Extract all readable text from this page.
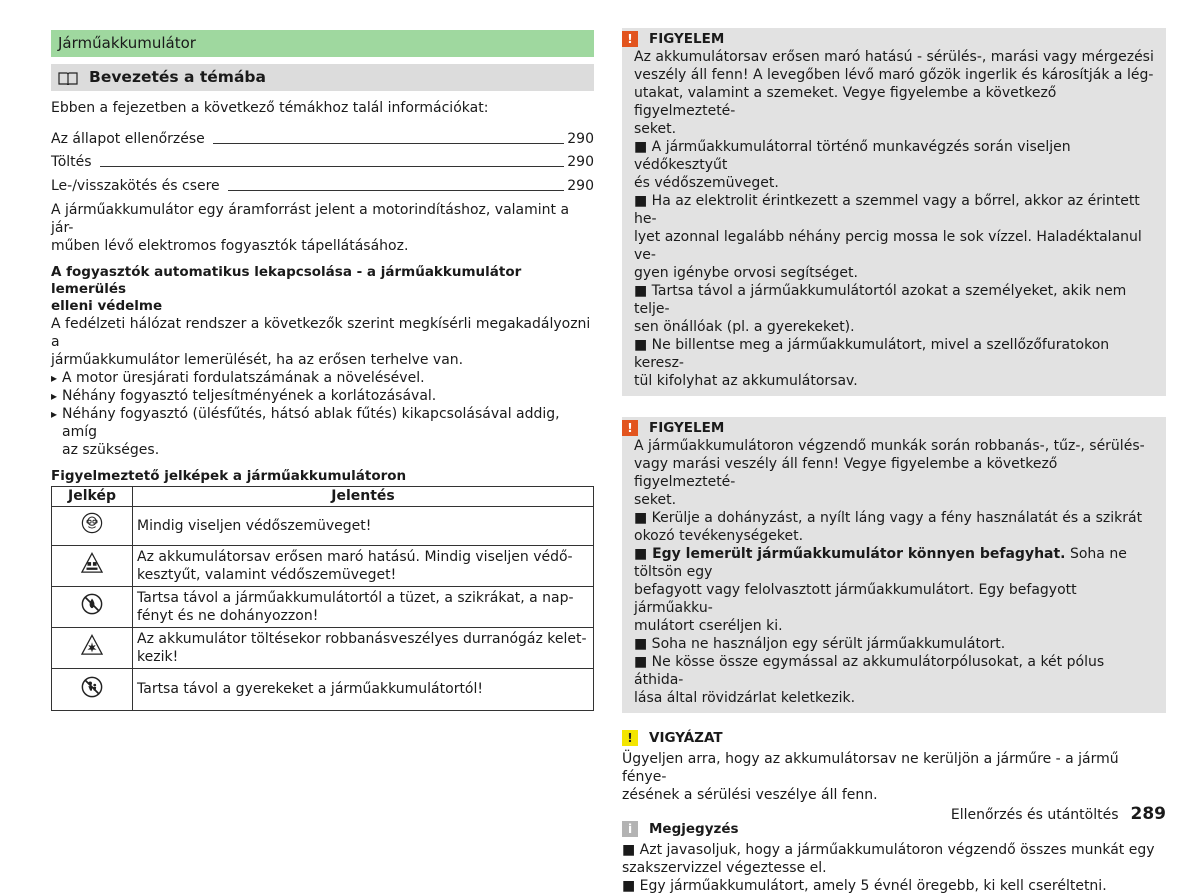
Járműakkumulátor
Bevezetés a témába

Ebben a fejezetben a következő témákhoz talál információkat:

Az állapot ellenőrzése	290
Töltés	290
Le-/visszakötés és csere	290
A járműakkumulátor egy áramforrást jelent a motorindításhoz, valamint a jár-
műben lévő elektromos fogyasztók tápellátásához.
A fogyasztók automatikus lekapcsolása - a járműakkumulátor lemerülés
elleni védelme
A fedélzeti hálózat rendszer a következők szerint megkísérli megakadályozni a
járműakkumulátor lemerülését, ha az erősen terhelve van.
▸ A motor üresjárati fordulatszámának a növelésével.
▸ Néhány fogyasztó teljesítményének a korlátozásával.
▸ Néhány fogyasztó (ülésfűtés, hátsó ablak fűtés) kikapcsolásával addig, amíg
az szükséges.
Figyelmeztető jelképek a járműakkumulátoron
Jelkép	Jelentés
	Mindig viseljen védőszemüveget!
	Az akkumulátorsav erősen maró hatású. Mindig viseljen védő-
kesztyűt, valamint védőszemüveget!
	Tartsa távol a járműakkumulátortól a tüzet, a szikrákat, a nap-
fényt és ne dohányozzon!
	Az akkumulátor töltésekor robbanásveszélyes durranógáz kelet-
kezik!
	Tartsa távol a gyerekeket a járműakkumulátortól!
!	FIGYELEM
Az akkumulátorsav erősen maró hatású - sérülés-, marási vagy mérgezési
veszély áll fenn! A levegőben lévő maró gőzök ingerlik és károsítják a lég-
utakat, valamint a szemeket. Vegye figyelembe a következő figyelmezteté-
seket.
■ A járműakkumulátorral történő munkavégzés során viseljen védőkesztyűt
és védőszemüveget.
■ Ha az elektrolit érintkezett a szemmel vagy a bőrrel, akkor az érintett he-
lyet azonnal legalább néhány percig mossa le sok vízzel. Haladéktalanul ve-
gyen igénybe orvosi segítséget.
■ Tartsa távol a járműakkumulátortól azokat a személyeket, akik nem telje-
sen önállóak (pl. a gyerekeket).
■ Ne billentse meg a járműakkumulátort, mivel a szellőzőfuratokon keresz-
tül kifolyhat az akkumulátorsav.
!	FIGYELEM
A járműakkumulátoron végzendő munkák során robbanás-, tűz-, sérülés-
vagy marási veszély áll fenn! Vegye figyelembe a következő figyelmezteté-
seket.
■ Kerülje a dohányzást, a nyílt láng vagy a fény használatát és a szikrát
okozó tevékenységeket.
■ Egy lemerült járműakkumulátor könnyen befagyhat. Soha ne töltsön egy
befagyott vagy felolvasztott járműakkumulátort. Egy befagyott járműakku-
mulátort cseréljen ki.
■ Soha ne használjon egy sérült járműakkumulátort.
■ Ne kösse össze egymással az akkumulátorpólusokat, a két pólus áthida-
lása által rövidzárlat keletkezik.
!	VIGYÁZAT
Ügyeljen arra, hogy az akkumulátorsav ne kerüljön a járműre - a jármű fénye-
zésének a sérülési veszélye áll fenn.
i	Megjegyzés
■ Azt javasoljuk, hogy a járműakkumulátoron végzendő összes munkát egy
szakszervizzel végeztesse el.
■ Egy járműakkumulátort, amely 5 évnél öregebb, ki kell cseréltetni.
Ellenőrzés és utántöltés 289
